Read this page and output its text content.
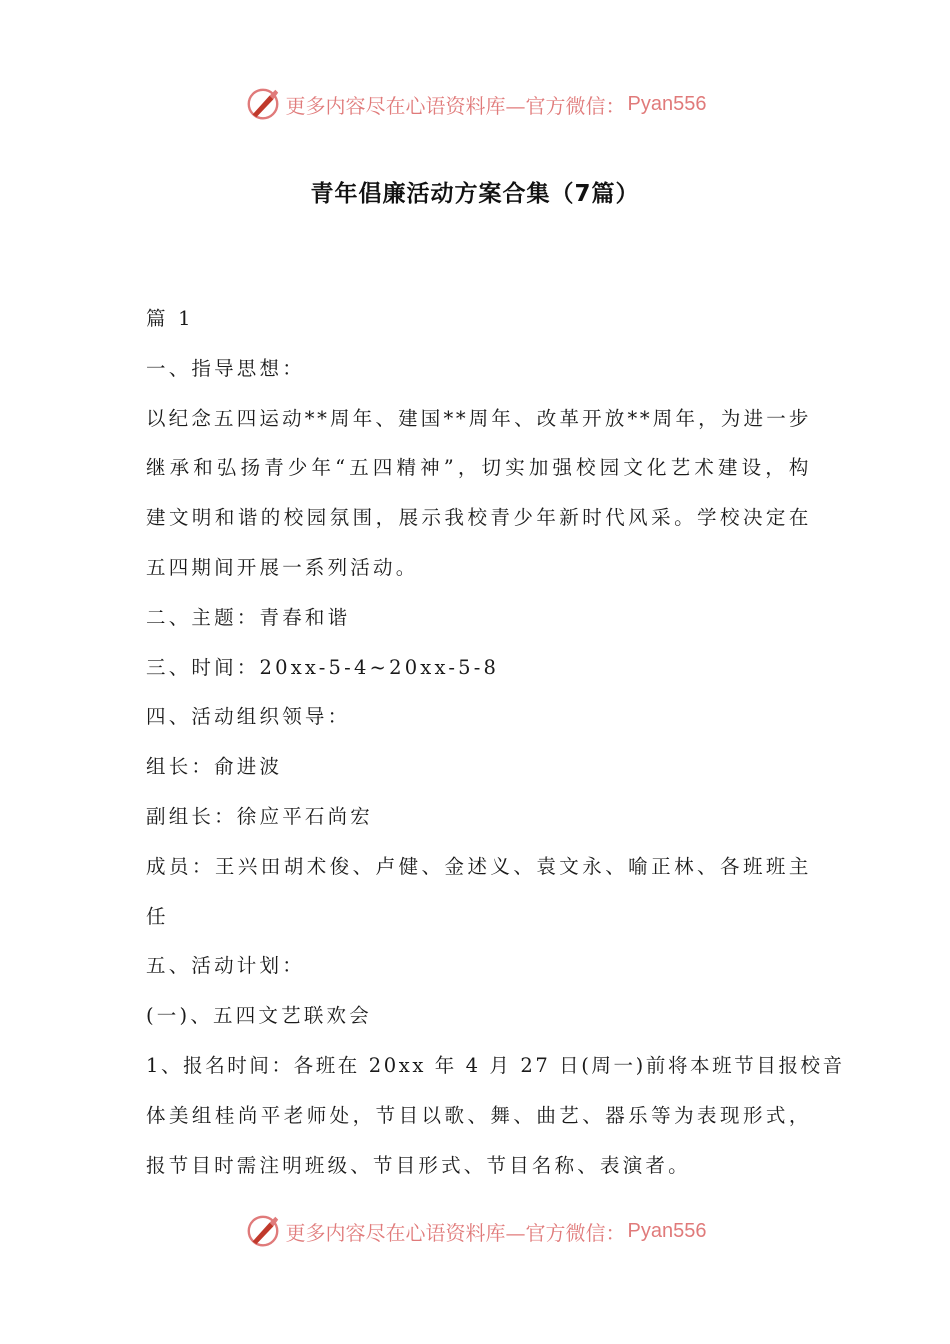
更多内容尽在心语资料库—官方微信： Pyan556
青年倡廉活动方案合集（7篇）
篇 1
一、指导思想：
以纪念五四运动**周年、建国**周年、改革开放**周年，为进一步
继承和弘扬青少年“五四精神”，切实加强校园文化艺术建设，构
建文明和谐的校园氛围，展示我校青少年新时代风采。学校决定在
五四期间开展一系列活动。
二、主题：青春和谐
三、时间：20xx-5-4~20xx-5-8
四、活动组织领导：
组长：俞进波
副组长：徐应平石尚宏
成员：王兴田胡术俊、卢健、金述义、袁文永、喻正林、各班班主
任
五、活动计划：
(一)、五四文艺联欢会
1、报名时间：各班在 20xx 年 4 月 27 日(周一)前将本班节目报校音
体美组桂尚平老师处，节目以歌、舞、曲艺、器乐等为表现形式，
报节目时需注明班级、节目形式、节目名称、表演者。
更多内容尽在心语资料库—官方微信： Pyan556
